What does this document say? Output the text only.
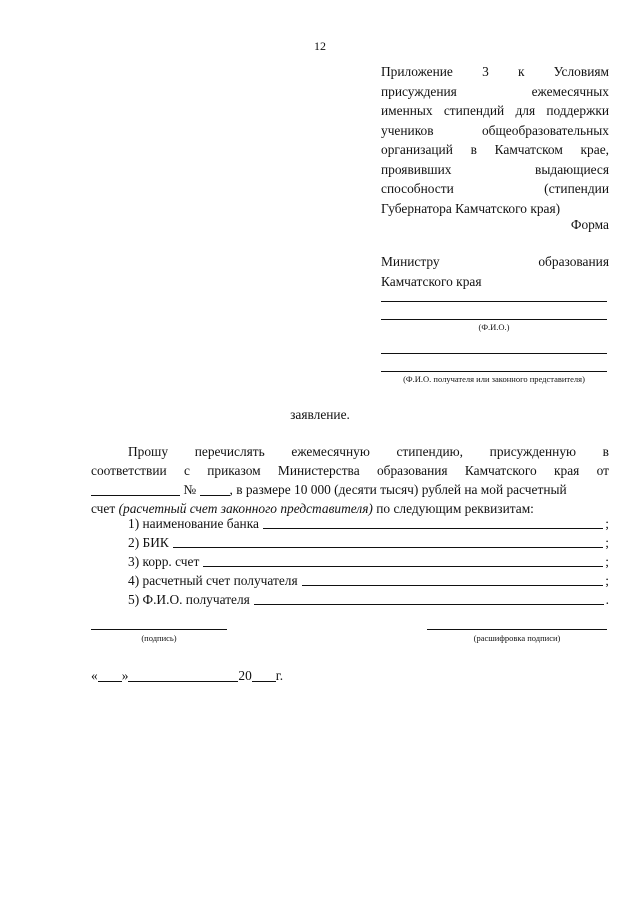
12
Приложение 3 к Условиям
присуждения ежемесячных
именных стипендий для поддержки
учеников общеобразовательных
организаций в Камчатском крае,
проявивших выдающиеся
способности (стипендии
Губернатора Камчатского края)
Форма
Министру образования
Камчатского края
(Ф.И.О.)
(Ф.И.О. получателя или законного представителя)
заявление.
Прошу перечислять ежемесячную стипендию, присужденную в
соответствии с приказом Министерства образования Камчатского края от
№ , в размере 10 000 (десяти тысяч) рублей на мой расчетный
счет (расчетный счет законного представителя) по следующим реквизитам:
1) наименование банка	;
2) БИК	;
3) корр. счет	;
4) расчетный счет получателя	;
5) Ф.И.О. получателя	.
(подпись)	(расшифровка подписи)
« »	20 г.
